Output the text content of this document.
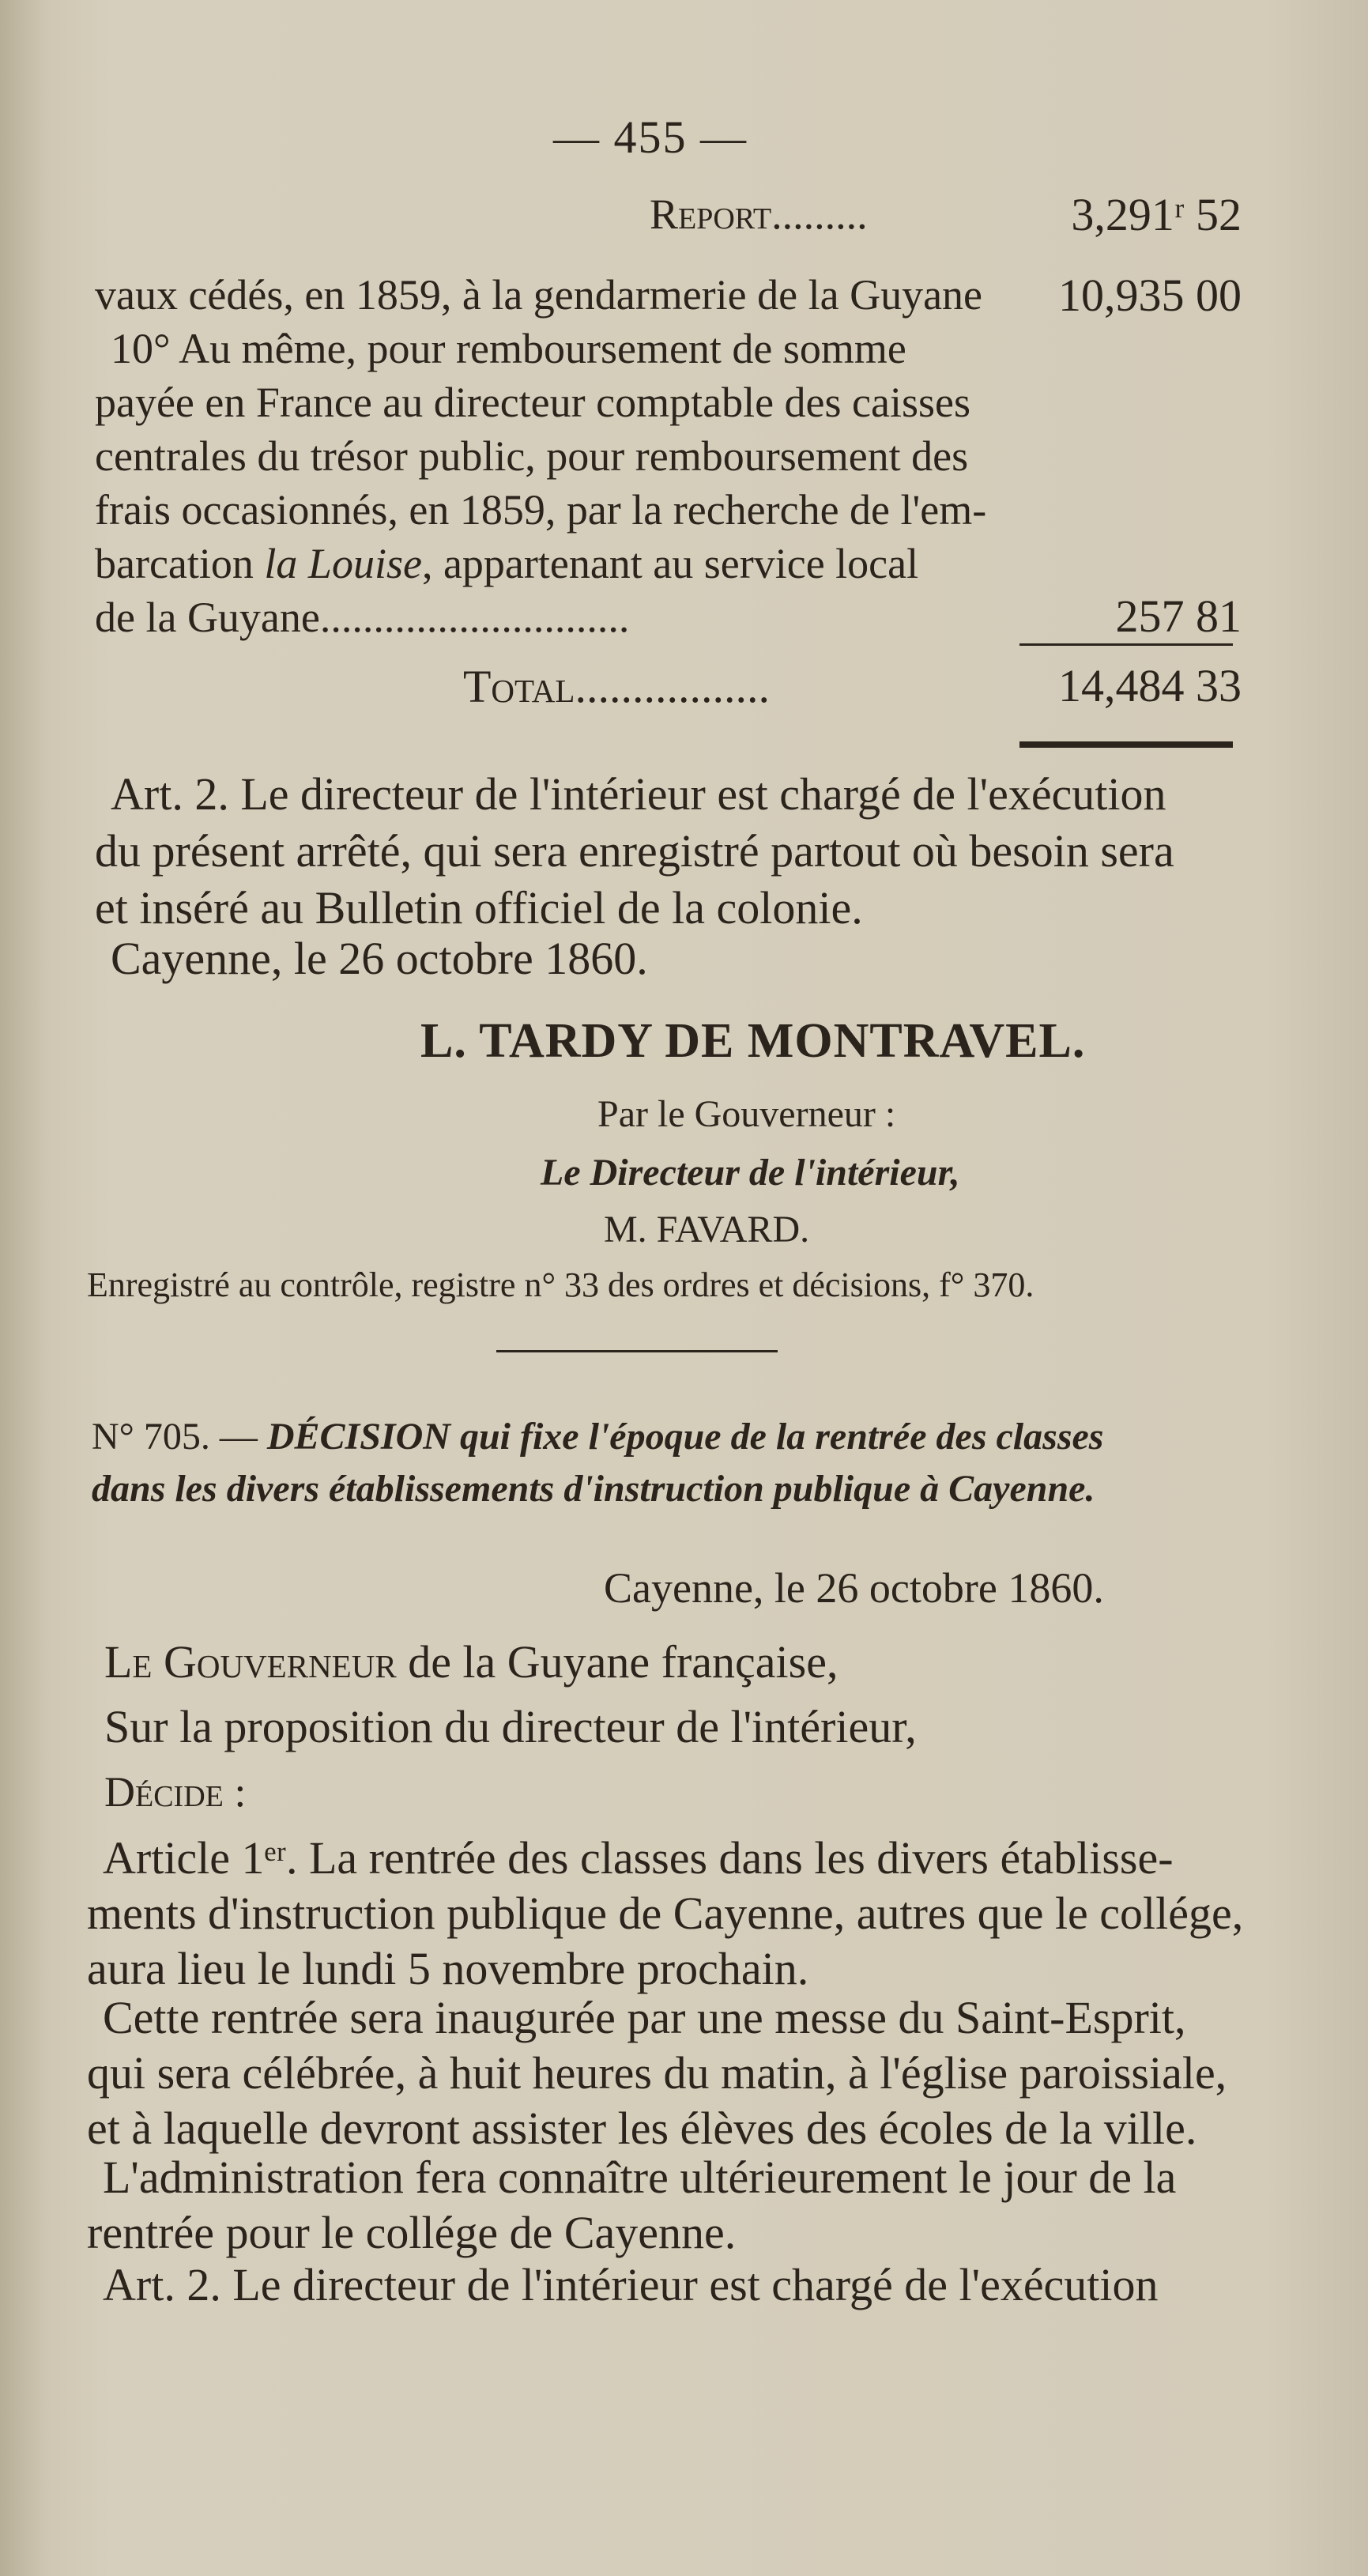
— 455 —
Report.........	3,291ʳ 52
vaux cédés, en 1859, à la gendarmerie de la Guyane 10,935 00
10° Au même, pour remboursement de somme
payée en France au directeur comptable des caisses
centrales du trésor public, pour remboursement des
frais occasionnés, en 1859, par la recherche de l'em-
barcation la Louise, appartenant au service local
de la Guyane.............................	257 81
Total.................	14,484 33
Art. 2. Le directeur de l'intérieur est chargé de l'exécution
du présent arrêté, qui sera enregistré partout où besoin sera
et inséré au Bulletin officiel de la colonie.
Cayenne, le 26 octobre 1860.
L. TARDY DE MONTRAVEL.
Par le Gouverneur :
Le Directeur de l'intérieur,
M. FAVARD.
Enregistré au contrôle, registre n° 33 des ordres et décisions, f° 370.
N° 705. — DÉCISION qui fixe l'époque de la rentrée des classes
dans les divers établissements d'instruction publique à Cayenne.
Cayenne, le 26 octobre 1860.
Le Gouverneur de la Guyane française,
Sur la proposition du directeur de l'intérieur,
Décide :
Article 1ᵉʳ. La rentrée des classes dans les divers établisse-
ments d'instruction publique de Cayenne, autres que le collége,
aura lieu le lundi 5 novembre prochain.
Cette rentrée sera inaugurée par une messe du Saint-Esprit,
qui sera célébrée, à huit heures du matin, à l'église paroissiale,
et à laquelle devront assister les élèves des écoles de la ville.
L'administration fera connaître ultérieurement le jour de la
rentrée pour le collége de Cayenne.
Art. 2. Le directeur de l'intérieur est chargé de l'exécution
